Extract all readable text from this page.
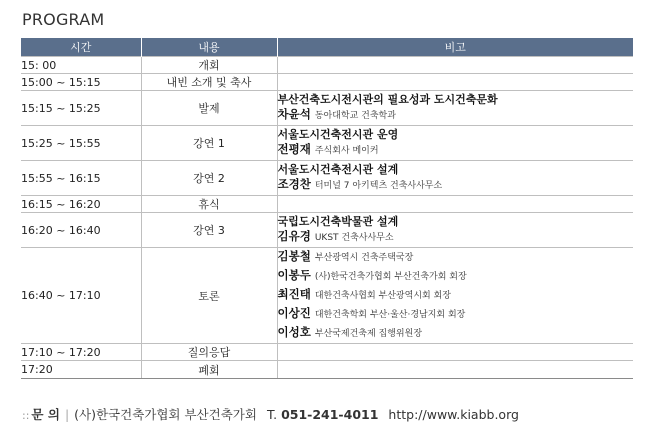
PROGRAM
시간	내용	비고
15: 00	개회	
15:00 ~ 15:15	내빈 소개 및 축사	
15:15 ~ 15:25	발제	부산건축도시전시관의 필요성과 도시건축문화
차윤석 동아대학교 건축학과

15:25 ~ 15:55	강연 1	서울도시건축전시관 운영
전평재 주식회사 메이커

15:55 ~ 16:15	강연 2	서울도시건축전시관 설계
조경찬 터미널 7 아키텍츠 건축사사무소

16:15 ~ 16:20	휴식	
16:20 ~ 16:40	강연 3	국립도시건축박물관 설계
김유경 UKST 건축사사무소

16:40 ~ 17:10	토론	김봉철 부산광역시 건축주택국장
이봉두 (사)한국건축가협회 부산건축가회 회장
최진태 대한건축사협회 부산광역시회 회장
이상진 대한건축학회 부산·울산·경남지회 회장
이성호 부산국제건축제 집행위원장

17:10 ~ 17:20	질의응답	
17:20	폐회	
:: 문 의 | (사)한국건축가협회 부산건축가회 T. 051-241-4011 http://www.kiabb.org
